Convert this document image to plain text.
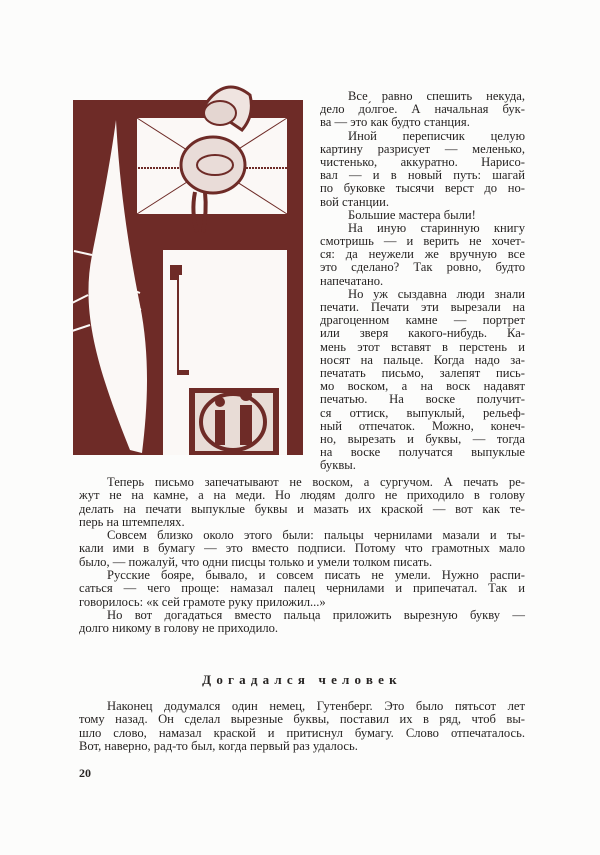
Все равно спешить некуда,
дело до́лгое. А начальная бук-
ва — это как будто станция.
Иной переписчик целую
картину разрисует — меленько,
чистенько, аккуратно. Нарисо-
вал — и в новый путь: шагай
по буковке тысячи верст до но-
вой станции.
Большие мастера были!
На иную старинную книгу
смотришь — и верить не хочет-
ся: да неужели же вручную все
это сделано? Так ровно, будто
напечатано.
Но уж сыздавна люди знали
печати. Печати эти вырезали на
драгоценном камне — портрет
или зверя какого-нибудь. Ка-
мень этот вставят в перстень и
носят на пальце. Когда надо за-
печатать письмо, залепят пись-
мо воском, а на воск надавят
печатью. На воске получит-
ся оттиск, выпуклый, рельеф-
ный отпечаток. Можно, конеч-
но, вырезать и буквы, — тогда
на воске получатся выпуклые
буквы.
Теперь письмо запечатывают не воском, а сургучом. А печать ре-
жут не на камне, а на меди. Но людям долго не приходило в голову
делать на печати выпуклые буквы и мазать их краской — вот как те-
перь на штемпелях.
Совсем близко около этого были: пальцы чернилами мазали и ты-
кали ими в бумагу — это вместо подписи. Потому что грамотных мало
было, — пожалуй, что одни писцы только и умели толком писать.
Русские бояре, бывало, и совсем писать не умели. Нужно распи-
саться — чего проще: намазал палец чернилами и припечатал. Так и
говорилось: «к сей грамоте руку приложил...»
Но вот догадаться вместо пальца приложить вырезную букву —
долго никому в голову не приходило.
Догадался человек
Наконец додумался один немец, Гутенберг. Это было пятьсот лет
тому назад. Он сделал вырезные буквы, поставил их в ряд, чтоб вы-
шло слово, намазал краской и притиснул бумагу. Слово отпечаталось.
Вот, наверно, рад-то был, когда первый раз удалось.
20
